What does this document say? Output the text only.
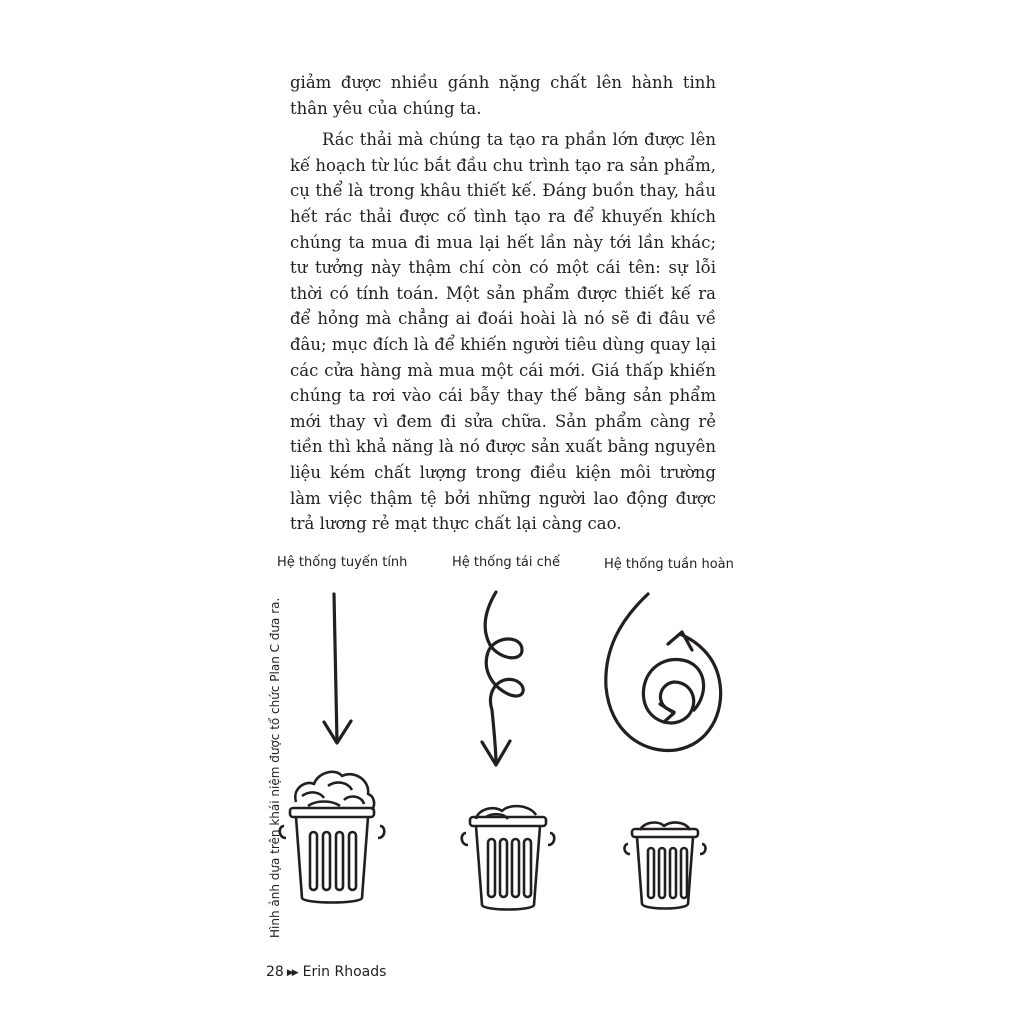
giảm được nhiều gánh nặng chất lên hành tinh thân yêu của chúng ta.

Rác thải mà chúng ta tạo ra phần lớn được lên kế hoạch từ lúc bắt đầu chu trình tạo ra sản phẩm, cụ thể là trong khâu thiết kế. Đáng buồn thay, hầu hết rác thải được cố tình tạo ra để khuyến khích chúng ta mua đi mua lại hết lần này tới lần khác; tư tưởng này thậm chí còn có một cái tên: sự lỗi thời có tính toán. Một sản phẩm được thiết kế ra để hỏng mà chẳng ai đoái hoài là nó sẽ đi đâu về đâu; mục đích là để khiến người tiêu dùng quay lại các cửa hàng mà mua một cái mới. Giá thấp khiến chúng ta rơi vào cái bẫy thay thế bằng sản phẩm mới thay vì đem đi sửa chữa. Sản phẩm càng rẻ tiền thì khả năng là nó được sản xuất bằng nguyên liệu kém chất lượng trong điều kiện môi trường làm việc thậm tệ bởi những người lao động được trả lương rẻ mạt thực chất lại càng cao.

Hệ thống tuyến tính	Hệ thống tái chế	Hệ thống tuần hoàn
Hình ảnh dựa trên khái niệm được tổ chức Plan C đưa ra.
28 ▶▶ Erin Rhoads
